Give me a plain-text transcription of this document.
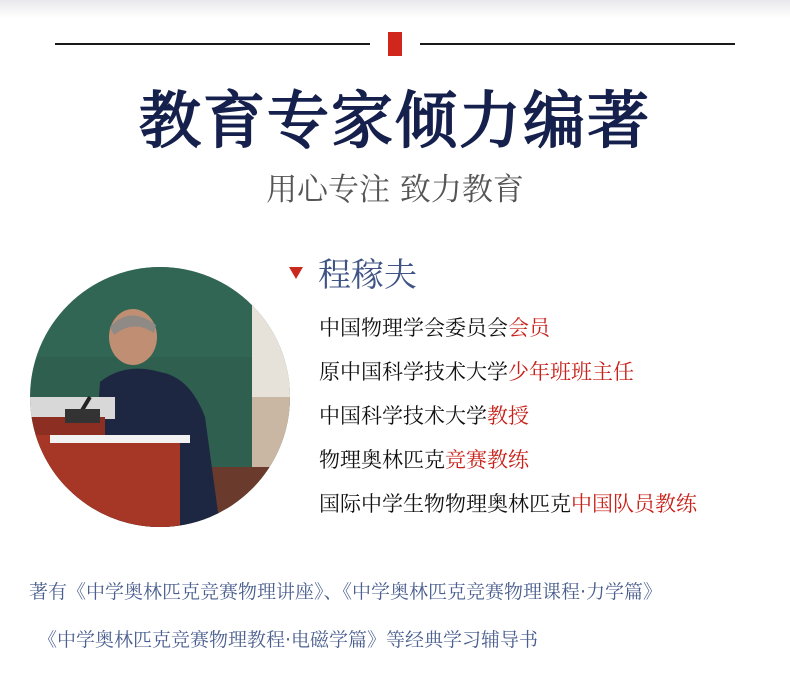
教育专家倾力编著
用心专注 致力教育
程稼夫
中国物理学会委员会会员
原中国科学技术大学少年班班主任
中国科学技术大学教授
物理奥林匹克竞赛教练
国际中学生物物理奥林匹克中国队员教练
著有《中学奥林匹克竞赛物理讲座》、《中学奥林匹克竞赛物理课程·力学篇》
《中学奥林匹克竞赛物理教程·电磁学篇》等经典学习辅导书
